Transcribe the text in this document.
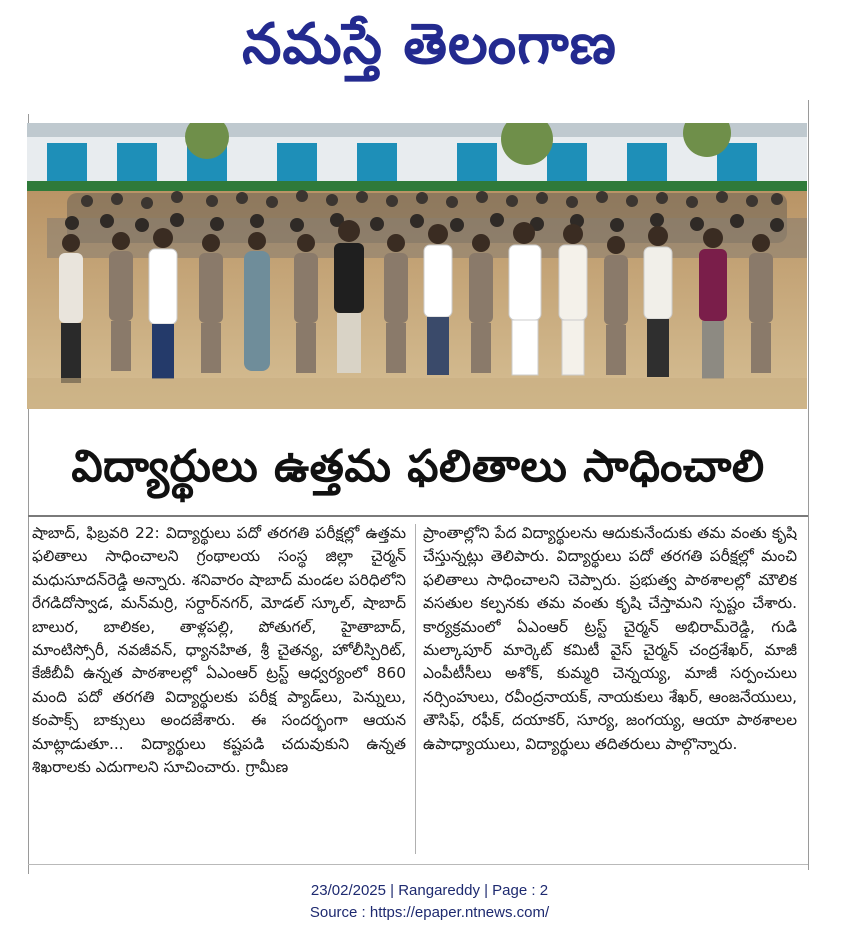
నమస్తే తెలంగాణ
విద్యార్థులు ఉత్తమ ఫలితాలు సాధించాలి
షాబాద్, ఫిబ్రవరి 22: విద్యార్థులు పదో తరగతి పరీక్షల్లో ఉత్తమ ఫలితాలు సాధించాలని గ్రంథాలయ సంస్థ జిల్లా చైర్మన్ మధుసూదన్‌రెడ్డి అన్నారు. శనివారం షాబాద్ మండల పరిధిలోని రేగడిదోస్వాడ, మన్‌మర్రి, సర్దార్‌నగర్, మోడల్ స్కూల్, షాబాద్ బాలుర, బాలికల, తాళ్లపల్లి, పోతుగల్, హైతాబాద్, మాంటిస్సోరీ, నవజీవన్, ధ్యానహిత, శ్రీ చైతన్య, హోలీస్పిరిట్, కేజీబీవీ ఉన్నత పాఠశాలల్లో ఏఎంఆర్ ట్రస్ట్ ఆధ్వర్యంలో 860 మంది పదో తరగతి విద్యార్థులకు పరీక్ష ప్యాడ్‌లు, పెన్నులు, కంపాక్స్ బాక్సులు అందజేశారు. ఈ సందర్భంగా ఆయన మాట్లాడుతూ... విద్యార్థులు కష్టపడి చదువుకుని ఉన్నత శిఖరాలకు ఎదుగాలని సూచించారు. గ్రామీణ
ప్రాంతాల్లోని పేద విద్యార్థులను ఆదుకునేందుకు తమ వంతు కృషి చేస్తున్నట్లు తెలిపారు. విద్యార్థులు పదో తరగతి పరీక్షల్లో మంచి ఫలితాలు సాధించాలని చెప్పారు. ప్రభుత్వ పాఠశాలల్లో మౌలిక వసతుల కల్పనకు తమ వంతు కృషి చేస్తామని స్పష్టం చేశారు. కార్యక్రమంలో ఏఎంఆర్ ట్రస్ట్ చైర్మన్ అభిరామ్‌రెడ్డి, గుడి మల్కాపూర్ మార్కెట్ కమిటీ వైస్ చైర్మన్ చంద్రశేఖర్, మాజీ ఎంపీటీసీలు అశోక్, కుమ్మరి చెన్నయ్య, మాజీ సర్పంచులు నర్సింహులు, రవీంద్రనాయక్, నాయకులు శేఖర్, ఆంజనేయులు, తౌసిఫ్, రఫీక్, దయాకర్, సూర్య, జంగయ్య, ఆయా పాఠశాలల ఉపాధ్యాయులు, విద్యార్థులు తదితరులు పాల్గొన్నారు.
23/02/2025 | Rangareddy | Page : 2
Source : https://epaper.ntnews.com/
